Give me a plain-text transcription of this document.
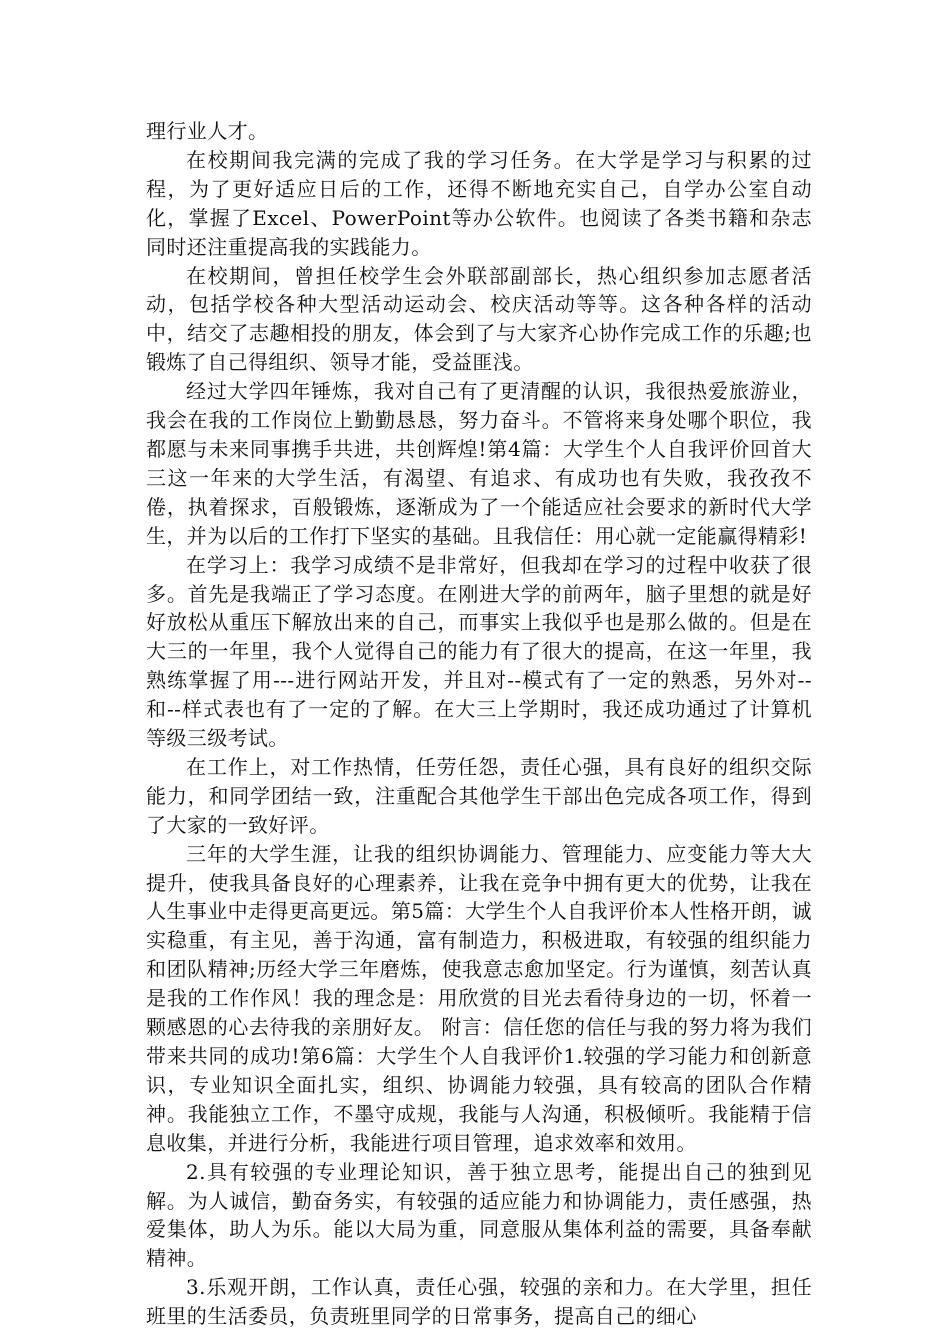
理行业人才。

在校期间我完满的完成了我的学习任务。在大学是学习与积累的过程，为了更好适应日后的工作，还得不断地充实自己，自学办公室自动化，掌握了Excel、PowerPoint等办公软件。也阅读了各类书籍和杂志同时还注重提高我的实践能力。

在校期间，曾担任校学生会外联部副部长，热心组织参加志愿者活动，包括学校各种大型活动运动会、校庆活动等等。这各种各样的活动中，结交了志趣相投的朋友，体会到了与大家齐心协作完成工作的乐趣;也锻炼了自己得组织、领导才能，受益匪浅。

经过大学四年锤炼，我对自己有了更清醒的认识，我很热爱旅游业，我会在我的工作岗位上勤勤恳恳，努力奋斗。不管将来身处哪个职位，我都愿与未来同事携手共进，共创辉煌!第4篇：大学生个人自我评价回首大三这一年来的大学生活，有渴望、有追求、有成功也有失败，我孜孜不倦，执着探求，百般锻炼，逐渐成为了一个能适应社会要求的新时代大学生，并为以后的工作打下坚实的基础。且我信任：用心就一定能赢得精彩!

在学习上：我学习成绩不是非常好，但我却在学习的过程中收获了很多。首先是我端正了学习态度。在刚进大学的前两年，脑子里想的就是好好放松从重压下解放出来的自己，而事实上我似乎也是那么做的。但是在大三的一年里，我个人觉得自己的能力有了很大的提高，在这一年里，我熟练掌握了用---进行网站开发，并且对--模式有了一定的熟悉，另外对--和--样式表也有了一定的了解。在大三上学期时，我还成功通过了计算机等级三级考试。

在工作上，对工作热情，任劳任怨，责任心强，具有良好的组织交际能力，和同学团结一致，注重配合其他学生干部出色完成各项工作，得到了大家的一致好评。

三年的大学生涯，让我的组织协调能力、管理能力、应变能力等大大提升，使我具备良好的心理素养，让我在竞争中拥有更大的优势，让我在人生事业中走得更高更远。第5篇：大学生个人自我评价本人性格开朗，诚实稳重，有主见，善于沟通，富有制造力，积极进取，有较强的组织能力和团队精神;历经大学三年磨炼，使我意志愈加坚定。行为谨慎，刻苦认真是我的工作作风！我的理念是：用欣赏的目光去看待身边的一切，怀着一颗感恩的心去待我的亲朋好友。 附言：信任您的信任与我的努力将为我们带来共同的成功!第6篇：大学生个人自我评价1.较强的学习能力和创新意识，专业知识全面扎实，组织、协调能力较强，具有较高的团队合作精神。我能独立工作，不墨守成规，我能与人沟通，积极倾听。我能精于信息收集，并进行分析，我能进行项目管理，追求效率和效用。

2.具有较强的专业理论知识，善于独立思考，能提出自己的独到见解。为人诚信，勤奋务实，有较强的适应能力和协调能力，责任感强，热爱集体，助人为乐。能以大局为重，同意服从集体利益的需要，具备奉献精神。

3.乐观开朗，工作认真，责任心强，较强的亲和力。在大学里，担任班里的生活委员，负责班里同学的日常事务，提高自己的细心
